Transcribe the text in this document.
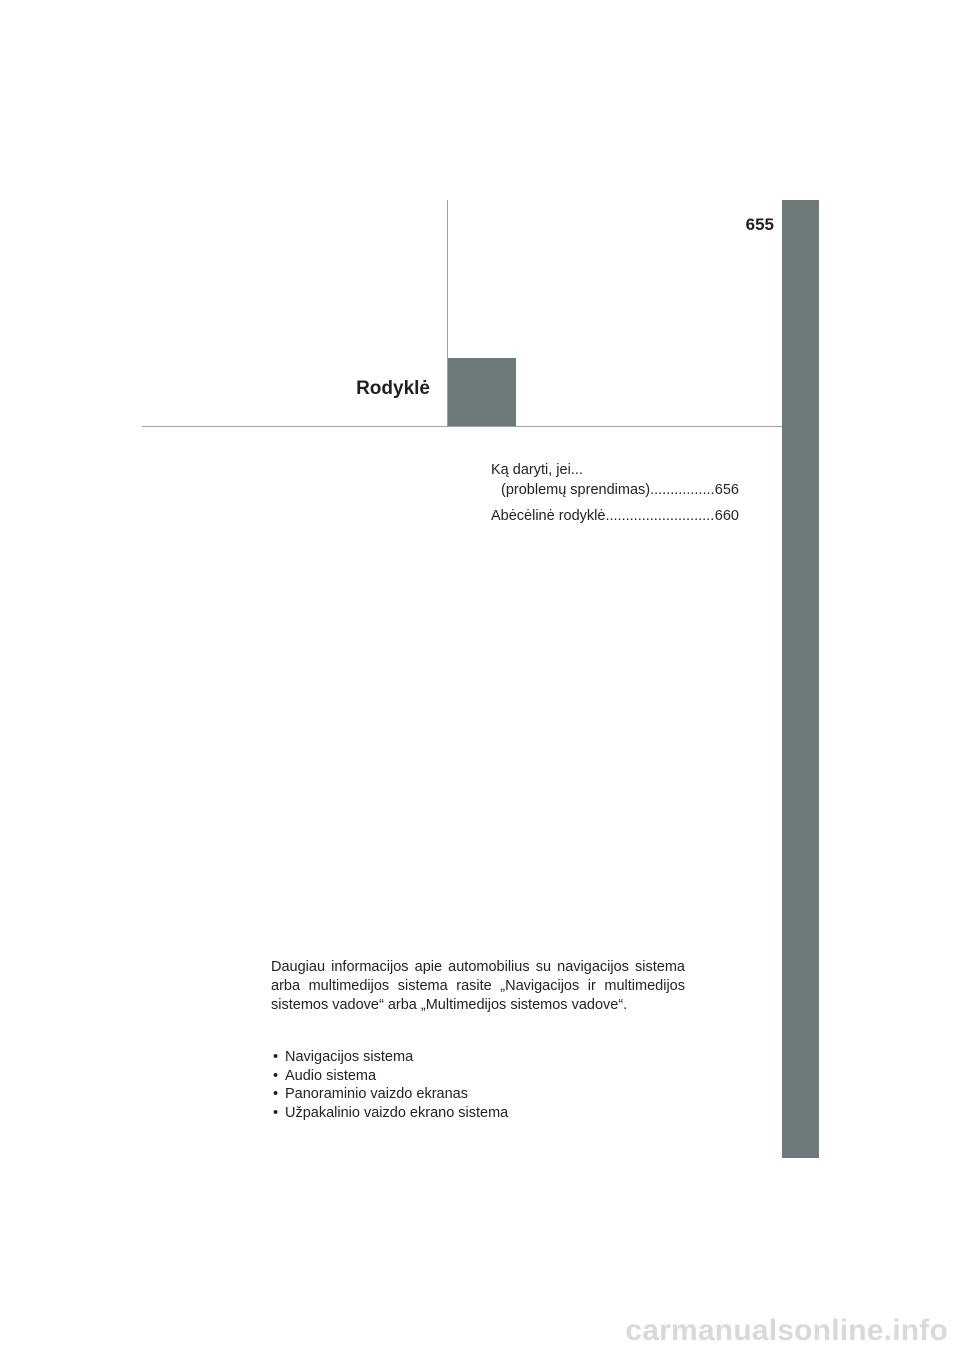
655
Rodyklė
Ką daryti, jei...
(problemų sprendimas) .....	656
Abėcėlinė rodyklė .....	660
Daugiau informacijos apie automobilius su navigacijos sistema arba multimedijos sistema rasite „Navigacijos ir multimedijos sistemos vadove“ arba „Multimedijos sistemos vadove“.
• Navigacijos sistema
• Audio sistema
• Panoraminio vaizdo ekranas
• Užpakalinio vaizdo ekrano sistema
carmanualsonline.info
